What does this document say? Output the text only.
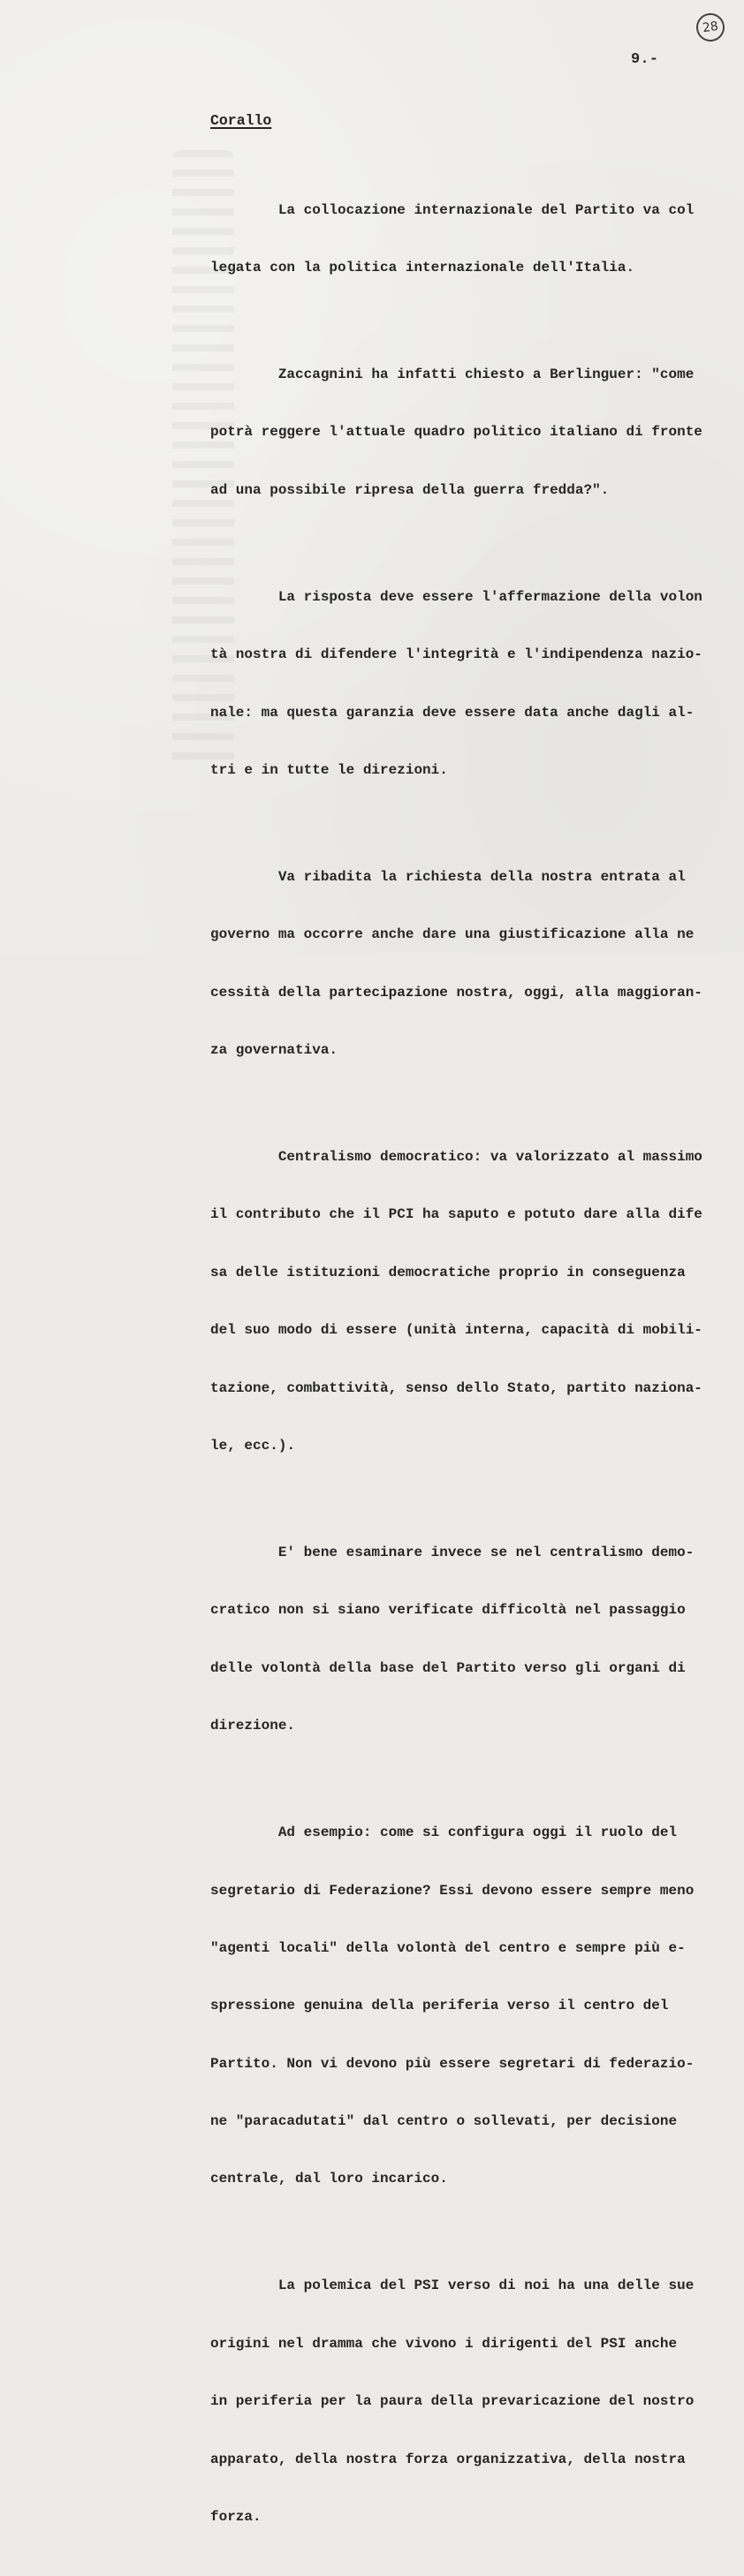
28
9.-
Corallo

La collocazione internazionale del Partito va col

legata con la politica internazionale dell'Italia.

Zaccagnini ha infatti chiesto a Berlinguer: "come

potrà reggere l'attuale quadro politico italiano di fronte

ad una possibile ripresa della guerra fredda?".

La risposta deve essere l'affermazione della volon

tà nostra di difendere l'integrità e l'indipendenza nazio-

nale: ma questa garanzia deve essere data anche dagli al-

tri e in tutte le direzioni.

Va ribadita la richiesta della nostra entrata al

governo ma occorre anche dare una giustificazione alla ne

cessità della partecipazione nostra, oggi, alla maggioran-

za governativa.

Centralismo democratico: va valorizzato al massimo

il contributo che il PCI ha saputo e potuto dare alla dife

sa delle istituzioni democratiche proprio in conseguenza

del suo modo di essere (unità interna, capacità di mobili-

tazione, combattività, senso dello Stato, partito naziona-

le, ecc.).

E' bene esaminare invece se nel centralismo demo-

cratico non si siano verificate difficoltà nel passaggio

delle volontà della base del Partito verso gli organi di

direzione.

Ad esempio: come si configura oggi il ruolo del

segretario di Federazione? Essi devono essere sempre meno

"agenti locali" della volontà del centro e sempre più e-

spressione genuina della periferia verso il centro del

Partito. Non vi devono più essere segretari di federazio-

ne "paracadutati" dal centro o sollevati, per decisione

centrale, dal loro incarico.

La polemica del PSI verso di noi ha una delle sue

origini nel dramma che vivono i dirigenti del PSI anche

in periferia per la paura della prevaricazione del nostro

apparato, della nostra forza organizzativa, della nostra

forza.
